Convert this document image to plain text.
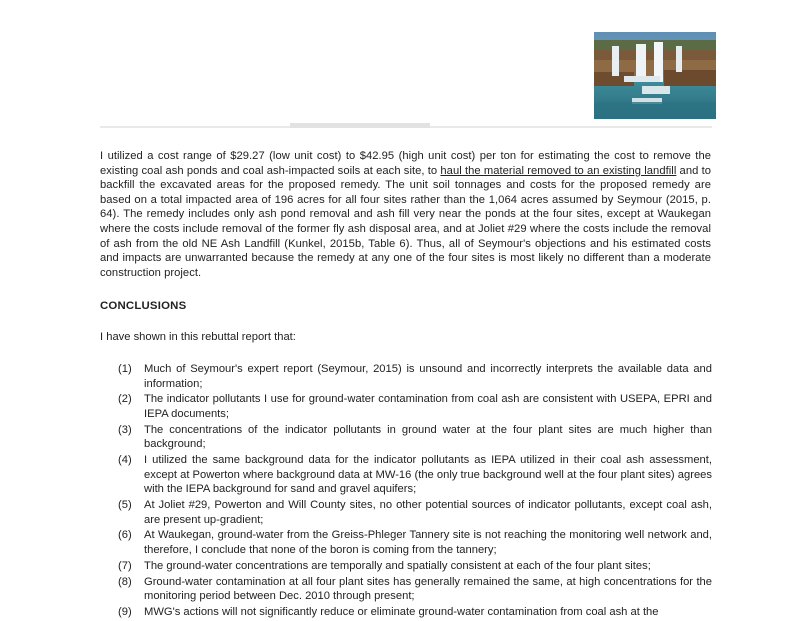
I utilized a cost range of $29.27 (low unit cost) to $42.95 (high unit cost) per ton for estimating the cost to remove the existing coal ash ponds and coal ash-impacted soils at each site, to haul the material removed to an existing landfill and to backfill the excavated areas for the proposed remedy. The unit soil tonnages and costs for the proposed remedy are based on a total impacted area of 196 acres for all four sites rather than the 1,064 acres assumed by Seymour (2015, p. 64). The remedy includes only ash pond removal and ash fill very near the ponds at the four sites, except at Waukegan where the costs include removal of the former fly ash disposal area, and at Joliet #29 where the costs include the removal of ash from the old NE Ash Landfill (Kunkel, 2015b, Table 6). Thus, all of Seymour's objections and his estimated costs and impacts are unwarranted because the remedy at any one of the four sites is most likely no different than a moderate construction project.

CONCLUSIONS
I have shown in this rebuttal report that:
(1) Much of Seymour's expert report (Seymour, 2015) is unsound and incorrectly interprets the available data and information;
(2) The indicator pollutants I use for ground-water contamination from coal ash are consistent with USEPA, EPRI and IEPA documents;
(3) The concentrations of the indicator pollutants in ground water at the four plant sites are much higher than background;
(4) I utilized the same background data for the indicator pollutants as IEPA utilized in their coal ash assessment, except at Powerton where background data at MW-16 (the only true background well at the four plant sites) agrees with the IEPA background for sand and gravel aquifers;
(5) At Joliet #29, Powerton and Will County sites, no other potential sources of indicator pollutants, except coal ash, are present up-gradient;
(6) At Waukegan, ground-water from the Greiss-Phleger Tannery site is not reaching the monitoring well network and, therefore, I conclude that none of the boron is coming from the tannery;
(7) The ground-water concentrations are temporally and spatially consistent at each of the four plant sites;
(8) Ground-water contamination at all four plant sites has generally remained the same, at high concentrations for the monitoring period between Dec. 2010 through present;
(9) MWG's actions will not significantly reduce or eliminate ground-water contamination from coal ash at the
